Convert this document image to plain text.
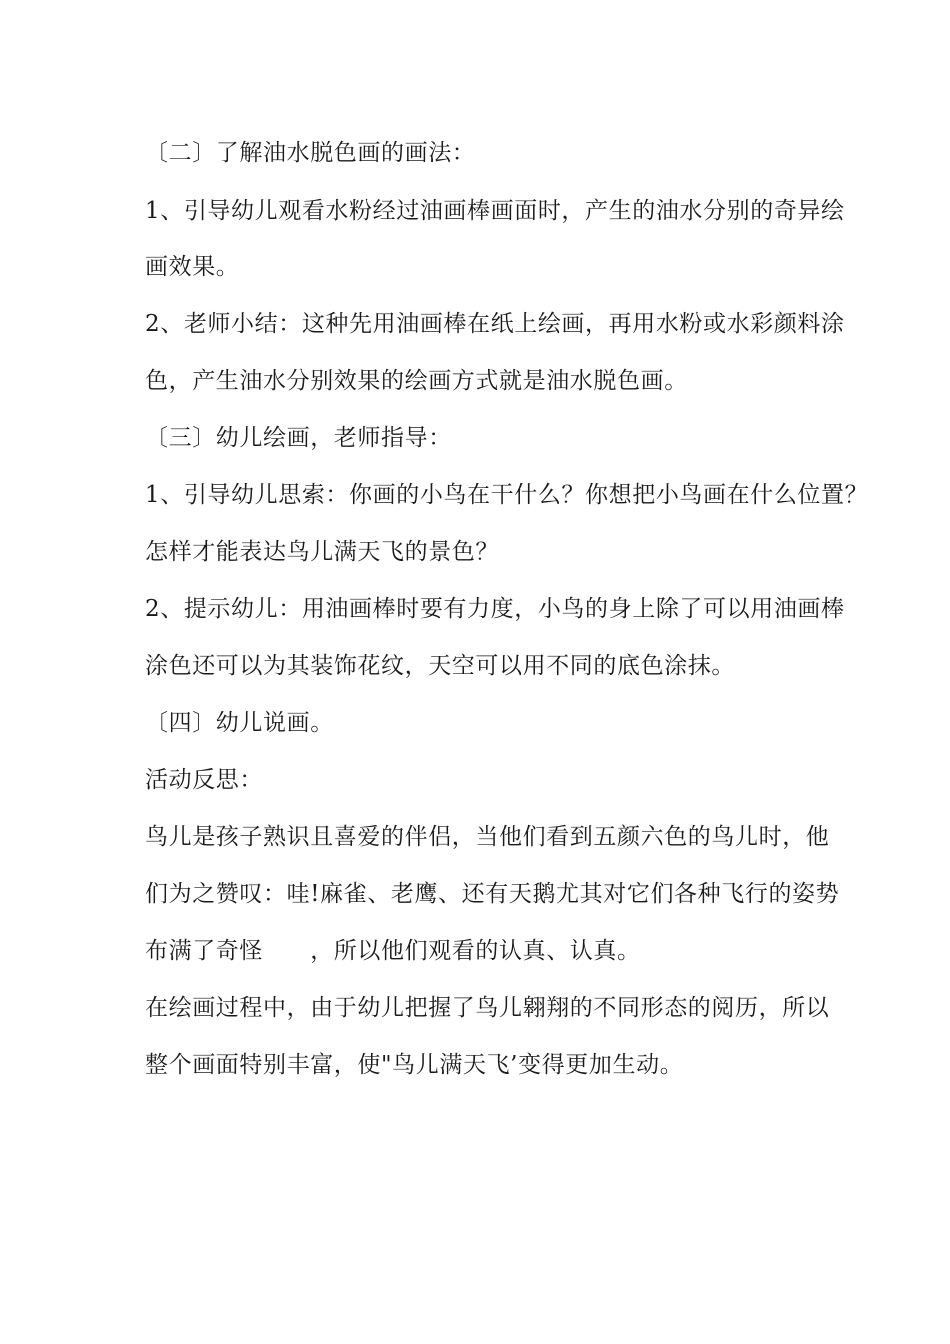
〔二〕了解油水脱色画的画法：
1、引导幼儿观看水粉经过油画棒画面时，产生的油水分别的奇异绘
画效果。
2、老师小结：这种先用油画棒在纸上绘画，再用水粉或水彩颜料涂
色，产生油水分别效果的绘画方式就是油水脱色画。
〔三〕幼儿绘画，老师指导：
1、引导幼儿思索：你画的小鸟在干什么？你想把小鸟画在什么位置？
怎样才能表达鸟儿满天飞的景色？
2、提示幼儿：用油画棒时要有力度，小鸟的身上除了可以用油画棒
涂色还可以为其装饰花纹，天空可以用不同的底色涂抹。
〔四〕幼儿说画。
活动反思：
鸟儿是孩子熟识且喜爱的伴侣，当他们看到五颜六色的鸟儿时，他
们为之赞叹：哇!麻雀、老鹰、还有天鹅尤其对它们各种飞行的姿势
布满了奇怪　　，所以他们观看的认真、认真。
在绘画过程中，由于幼儿把握了鸟儿翱翔的不同形态的阅历，所以
整个画面特别丰富，使"鸟儿满天飞’变得更加生动。
